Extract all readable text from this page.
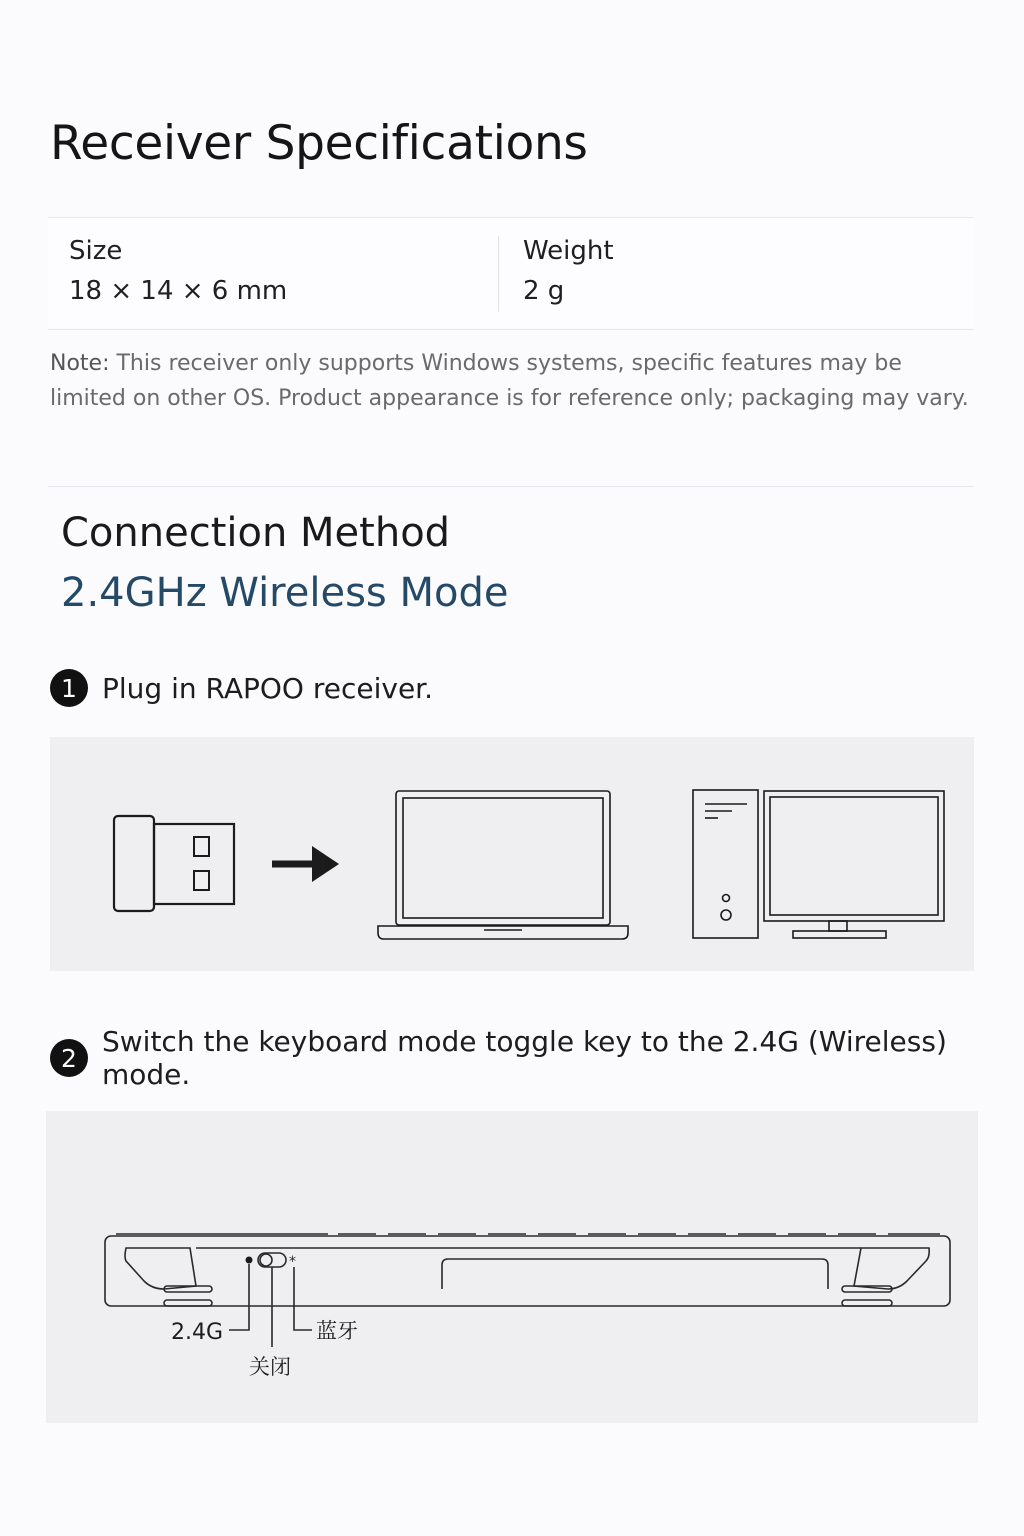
Receiver Specifications
Size
18 × 14 × 6 mm
Weight
2 g
Note: This receiver only supports Windows systems, specific features may be limited on other OS. Product appearance is for reference only; packaging may vary.
Connection Method
2.4GHz Wireless Mode
1 Plug in RAPOO receiver.
2 Switch the keyboard mode toggle key to the 2.4G (Wireless) mode.
*
2.4G
关闭
蓝牙
